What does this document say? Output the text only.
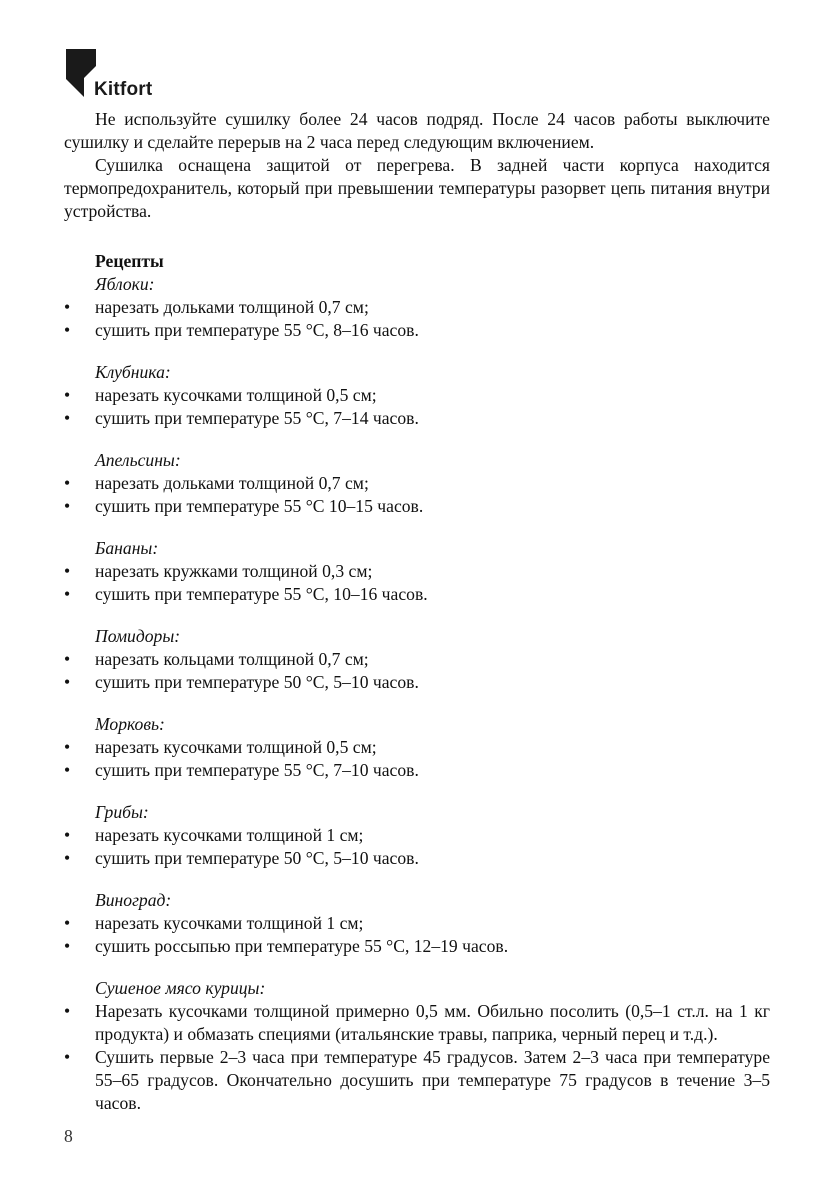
Kitfort

Не используйте сушилку более 24 часов подряд. После 24 часов работы выключите сушилку и сделайте перерыв на 2 часа перед следующим включением.

Сушилка оснащена защитой от перегрева. В задней части корпуса находится термопредохранитель, который при превышении температуры разорвет цепь питания внутри устройства.

Рецепты

Яблоки:

• нарезать дольками толщиной 0,7 см;
• сушить при температуре 55 °С, 8–16 часов.

Клубника:

• нарезать кусочками толщиной 0,5 см;
• сушить при температуре 55 °С, 7–14 часов.

Апельсины:

• нарезать дольками толщиной 0,7 см;
• сушить при температуре 55 °С 10–15 часов.

Бананы:

• нарезать кружками толщиной 0,3 см;
• сушить при температуре 55 °С, 10–16 часов.

Помидоры:

• нарезать кольцами толщиной 0,7 см;
• сушить при температуре 50 °С, 5–10 часов.

Морковь:

• нарезать кусочками толщиной 0,5 см;
• сушить при температуре 55 °С, 7–10 часов.

Грибы:

• нарезать кусочками толщиной 1 см;
• сушить при температуре 50 °С, 5–10 часов.

Виноград:

• нарезать кусочками толщиной 1 см;
• сушить россыпью при температуре 55 °С, 12–19 часов.

Сушеное мясо курицы:

• Нарезать кусочками толщиной примерно 0,5 мм. Обильно посолить (0,5–1 ст.л. на 1 кг продукта) и обмазать специями (итальянские травы, паприка, черный перец и т.д.).
• Сушить первые 2–3 часа при температуре 45 градусов. Затем 2–3 часа при температуре 55–65 градусов. Окончательно досушить при температуре 75 градусов в течение 3–5 часов.
8
